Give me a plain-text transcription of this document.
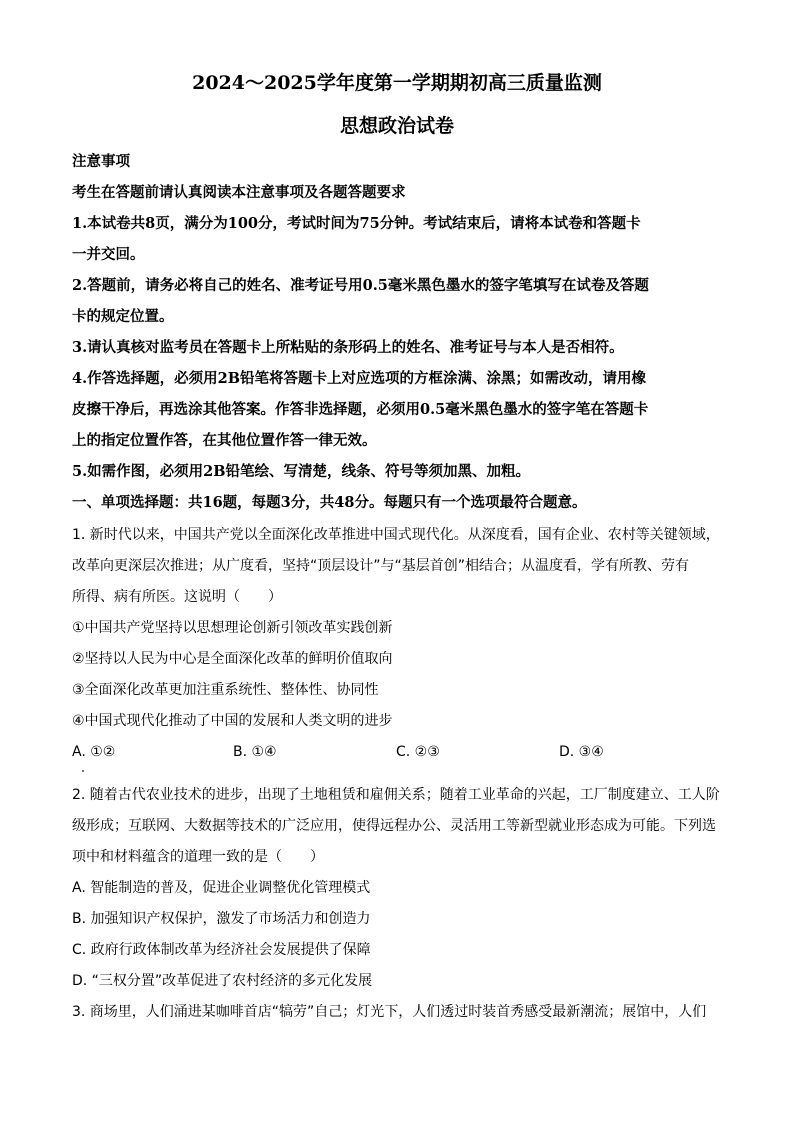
2024～2025学年度第一学期期初高三质量监测
思想政治试卷
注意事项
考生在答题前请认真阅读本注意事项及各题答题要求
1.本试卷共8页，满分为100分，考试时间为75分钟。考试结束后，请将本试卷和答题卡
一并交回。
2.答题前，请务必将自己的姓名、准考证号用0.5毫米黑色墨水的签字笔填写在试卷及答题
卡的规定位置。
3.请认真核对监考员在答题卡上所粘贴的条形码上的姓名、准考证号与本人是否相符。
4.作答选择题，必须用2B铅笔将答题卡上对应选项的方框涂满、涂黑；如需改动，请用橡
皮擦干净后，再选涂其他答案。作答非选择题，必须用0.5毫米黑色墨水的签字笔在答题卡
上的指定位置作答，在其他位置作答一律无效。
5.如需作图，必须用2B铅笔绘、写清楚，线条、符号等须加黑、加粗。
一、单项选择题：共16题，每题3分，共48分。每题只有一个选项最符合题意。
1. 新时代以来，中国共产党以全面深化改革推进中国式现代化。从深度看，国有企业、农村等关键领域，
改革向更深层次推进；从广度看，坚持“顶层设计”与“基层首创”相结合；从温度看，学有所教、劳有
所得、病有所医。这说明（　　）
①中国共产党坚持以思想理论创新引领改革实践创新
②坚持以人民为中心是全面深化改革的鲜明价值取向
③全面深化改革更加注重系统性、整体性、协同性
④中国式现代化推动了中国的发展和人类文明的进步
A. ①②	B. ①④	C. ②③	D. ③④
2. 随着古代农业技术的进步，出现了土地租赁和雇佣关系；随着工业革命的兴起，工厂制度建立、工人阶
级形成；互联网、大数据等技术的广泛应用，使得远程办公、灵活用工等新型就业形态成为可能。下列选
项中和材料蕴含的道理一致的是（　　）
A. 智能制造的普及，促进企业调整优化管理模式
B. 加强知识产权保护，激发了市场活力和创造力
C. 政府行政体制改革为经济社会发展提供了保障
D. “三权分置”改革促进了农村经济的多元化发展
3. 商场里，人们涌进某咖啡首店“犒劳”自己；灯光下，人们透过时装首秀感受最新潮流；展馆中，人们
